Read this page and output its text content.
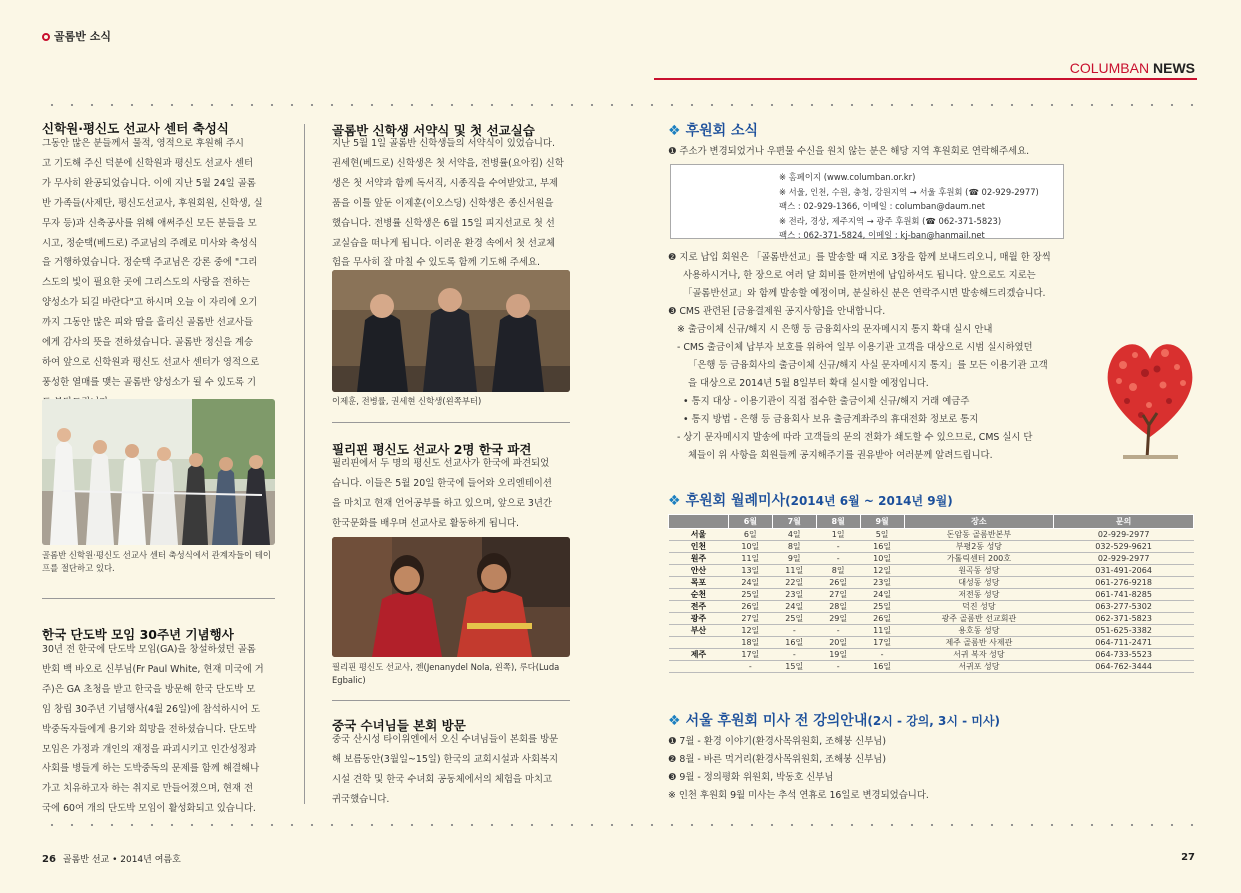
골롬반 소식
COLUMBAN NEWS
신학원·평신도 선교사 센터 축성식
그동안 많은 분들께서 물적, 영적으로 후원해 주시
고 기도해 주신 덕분에 신학원과 평신도 선교사 센터
가 무사히 완공되었습니다. 이에 지난 5월 24일 골롬
반 가족들(사제단, 평신도선교사, 후원회원, 신학생, 실
무자 등)과 신축공사를 위해 애써주신 모든 분들을 모
시고, 정순택(베드로) 주교님의 주례로 미사와 축성식
을 거행하였습니다. 정순택 주교님은 강론 중에 "그리
스도의 빛이 필요한 곳에 그리스도의 사랑을 전하는
양성소가 되길 바란다"고 하시며 오늘 이 자리에 오기
까지 그동안 많은 피와 땀을 흘리신 골롬반 선교사들
에게 감사의 뜻을 전하셨습니다. 골롬반 정신을 계승
하여 앞으로 신학원과 평신도 선교사 센터가 영적으로
풍성한 열매를 맺는 골롬반 양성소가 될 수 있도록 기
골롬반 신학원·평신도 선교사 센터 축성식에서 관계자들이 테이
프를 절단하고 있다.
한국 단도박 모임 30주년 기념행사
30년 전 한국에 단도박 모임(GA)을 창설하셨던 골롬
반회 백 바오로 신부님(Fr Paul White, 현재 미국에 거
주)은 GA 초청을 받고 한국을 방문해 한국 단도박 모
임 창립 30주년 기념행사(4월 26일)에 참석하시어 도
박중독자들에게 용기와 희망을 전하셨습니다. 단도박
모임은 가정과 개인의 재정을 파괴시키고 인간성정과
사회를 병들게 하는 도박중독의 문제를 함께 해결해나
가고 치유하고자 하는 취지로 만들어졌으며, 현재 전
국에 60여 개의 단도박 모임이 활성화되고 있습니다.
골롬반 신학생 서약식 및 첫 선교실습
지난 5월 1일 골롬반 신학생들의 서약식이 있었습니다.
권세현(베드로) 신학생은 첫 서약을, 전병률(요아킴) 신학
생은 첫 서약과 함께 독서직, 시종직을 수여받았고, 부제
품을 이틀 앞둔 이제훈(이오스딩) 신학생은 종신서원을
했습니다. 전병률 신학생은 6월 15일 피지선교로 첫 선
교실습을 떠나게 됩니다. 이러운 환경 속에서 첫 선교체
험을 무사히 잘 마칠 수 있도록 함께 기도해 주세요.
이제훈, 전병률, 권세현 신학생(왼쪽부터)
필리핀 평신도 선교사 2명 한국 파견
필리핀에서 두 명의 평신도 선교사가 한국에 파견되었
습니다. 이들은 5월 20일 한국에 들어와 오리엔테이션
을 마치고 현재 언어공부를 하고 있으며, 앞으로 3년간
한국문화를 배우며 선교사로 활동하게 됩니다.
필리핀 평신도 선교사, 젠(Jenanydel Nola, 왼쪽), 루다(Luda
Egbalic)
중국 수녀님들 본회 방문
중국 산시성 타이위엔에서 오신 수녀님들이 본회를 방문
해 보름동안(3월일~15일) 한국의 교회시설과 사회복지
시설 견학 및 한국 수녀회 공동체에서의 체험을 마치고
귀국했습니다.
❖ 후원회 소식
❶ 주소가 변경되었거나 우편물 수신을 원치 않는 분은 해당 지역 후원회로 연락해주세요.
※ 홈페이지 (www.columban.or.kr)
※ 서울, 인천, 수원, 충청, 강원지역 → 서울 후원회 (☎ 02-929-2977)
팩스 : 02-929-1366, 이메일 : columban@daum.net
※ 전라, 경상, 제주지역 → 광주 후원회 (☎ 062-371-5823)
팩스 : 062-371-5824, 이메일 : kj-ban@hanmail.net
❷ 지로 납입 회원은 「골롬반선교」를 발송할 때 지로 3장을 함께 보내드리오니, 매월 한 장씩
사용하시거나, 한 장으로 여러 달 회비를 한꺼번에 납입하셔도 됩니다. 앞으로도 지로는
「골롬반선교」와 함께 발송할 예정이며, 분실하신 분은 연락주시면 발송해드리겠습니다.
❸ CMS 관련된 [금융결제원 공지사항]을 안내합니다.
※ 출금이체 신규/해지 시 은행 등 금융회사의 문자메시지 통지 확대 실시 안내
- CMS 출금이체 납부자 보호를 위하여 일부 이용기관 고객을 대상으로 시범 실시하였던
「은행 등 금융회사의 출금이체 신규/해지 사실 문자메시지 통지」를 모든 이용기관 고객
을 대상으로 2014년 5월 8일부터 확대 실시할 예정입니다.
• 통지 대상 - 이용기관이 직접 접수한 출금이체 신규/해지 거래 예금주
• 통지 방법 - 은행 등 금융회사 보유 출금계좌주의 휴대전화 정보로 통지
- 상기 문자메시지 발송에 따라 고객들의 문의 전화가 쇄도할 수 있으므로, CMS 실시 단
체들이 위 사항을 회원들께 공지해주기를 권유받아 여러분께 알려드립니다.
❖ 후원회 월례미사(2014년 6월 ~ 2014년 9월)
	6월	7월	8월	9월	장소	문의
서울	6일	4일	1일	5일	돈암동 골롬반본부	02-929-2977
인천	10일	8일	-	16일	부평2동 성당	032-529-9621
원주	11일	9일	-	10일	가톨릭센터 200호	02-929-2977
안산	13일	11일	8일	12일	원곡동 성당	031-491-2064
목포	24일	22일	26일	23일	대성동 성당	061-276-9218
순천	25일	23일	27일	24일	저전동 성당	061-741-8285
전주	26일	24일	28일	25일	덕진 성당	063-277-5302
광주	27일	25일	29일	26일	광주 골롬반 선교회관	062-371-5823
부산	12일	-	-	11일	용호동 성당	051-625-3382
	18일	16일	20일	17일	제주 골롬반 사제관	064-711-2471
제주	17일	-	19일	-	서귀 복자 성당	064-733-5523
	-	15일	-	16일	서귀포 성당	064-762-3444
❖ 서울 후원회 미사 전 강의안내(2시 - 강의, 3시 - 미사)
❶ 7월 - 환경 이야기(환경사목위원회, 조해붕 신부님)
❷ 8월 - 바른 먹거리(환경사목위원회, 조해붕 신부님)
❸ 9월 - 정의평화 위원회, 박동호 신부님
※ 인천 후원회 9월 미사는 추석 연휴로 16일로 변경되었습니다.
26 골롬반 선교 • 2014년 여름호	27
